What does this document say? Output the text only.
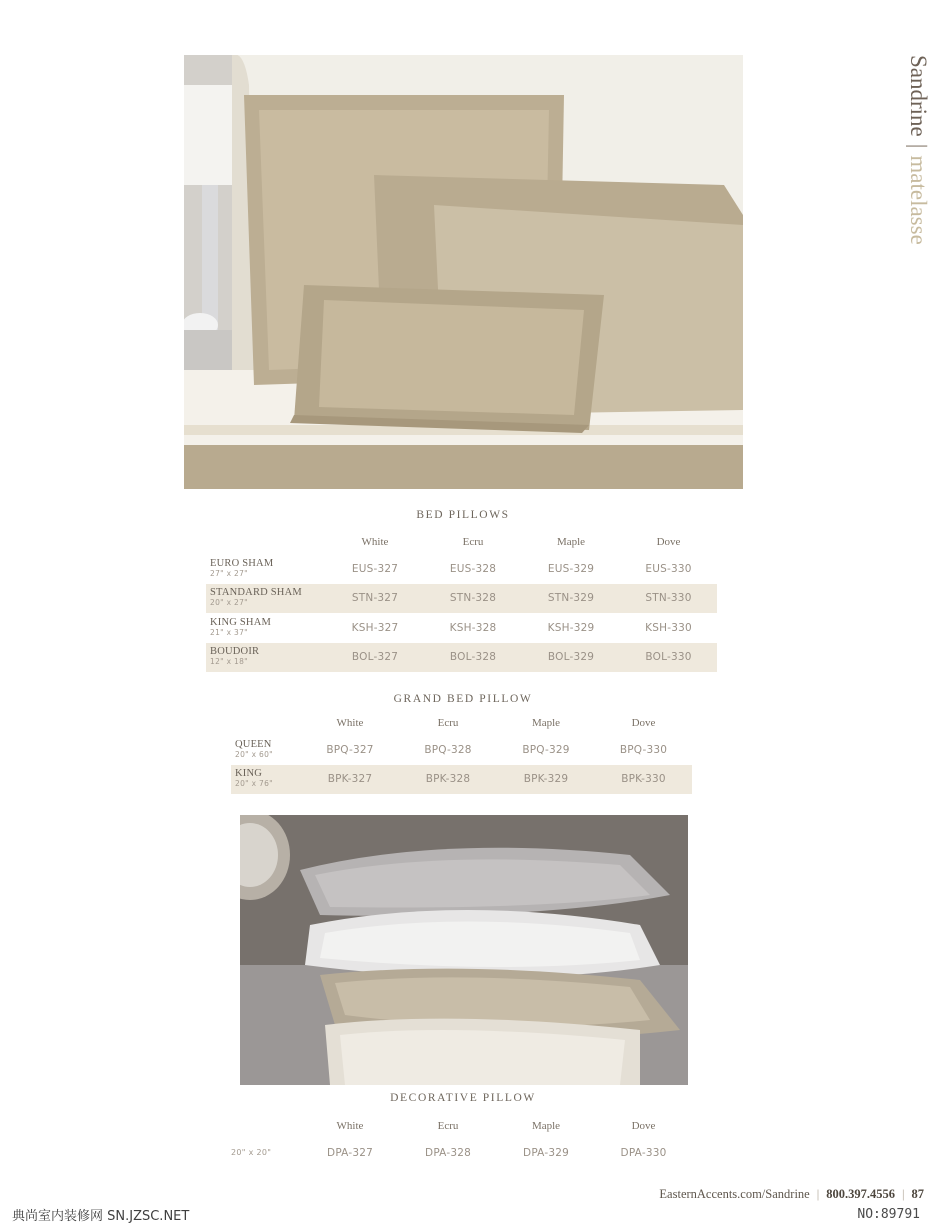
Sandrine|matelasse
BED PILLOWS
	White	Ecru	Maple	Dove

EURO SHAM
27" x 27"	EUS-327	EUS-328	EUS-329	EUS-330

STANDARD SHAM
20" x 27"	STN-327	STN-328	STN-329	STN-330

KING SHAM
21" x 37"	KSH-327	KSH-328	KSH-329	KSH-330

BOUDOIR
12" x 18"	BOL-327	BOL-328	BOL-329	BOL-330
GRAND BED PILLOW
	White	Ecru	Maple	Dove

QUEEN
20" x 60"	BPQ-327	BPQ-328	BPQ-329	BPQ-330

KING
20" x 76"	BPK-327	BPK-328	BPK-329	BPK-330
DECORATIVE PILLOW
	White	Ecru	Maple	Dove
20" x 20"	DPA-327	DPA-328	DPA-329	DPA-330
EasternAccents.com/Sandrine | 800.397.4556 | 87
典尚室内装修网 SN.JZSC.NET	NO:89791
